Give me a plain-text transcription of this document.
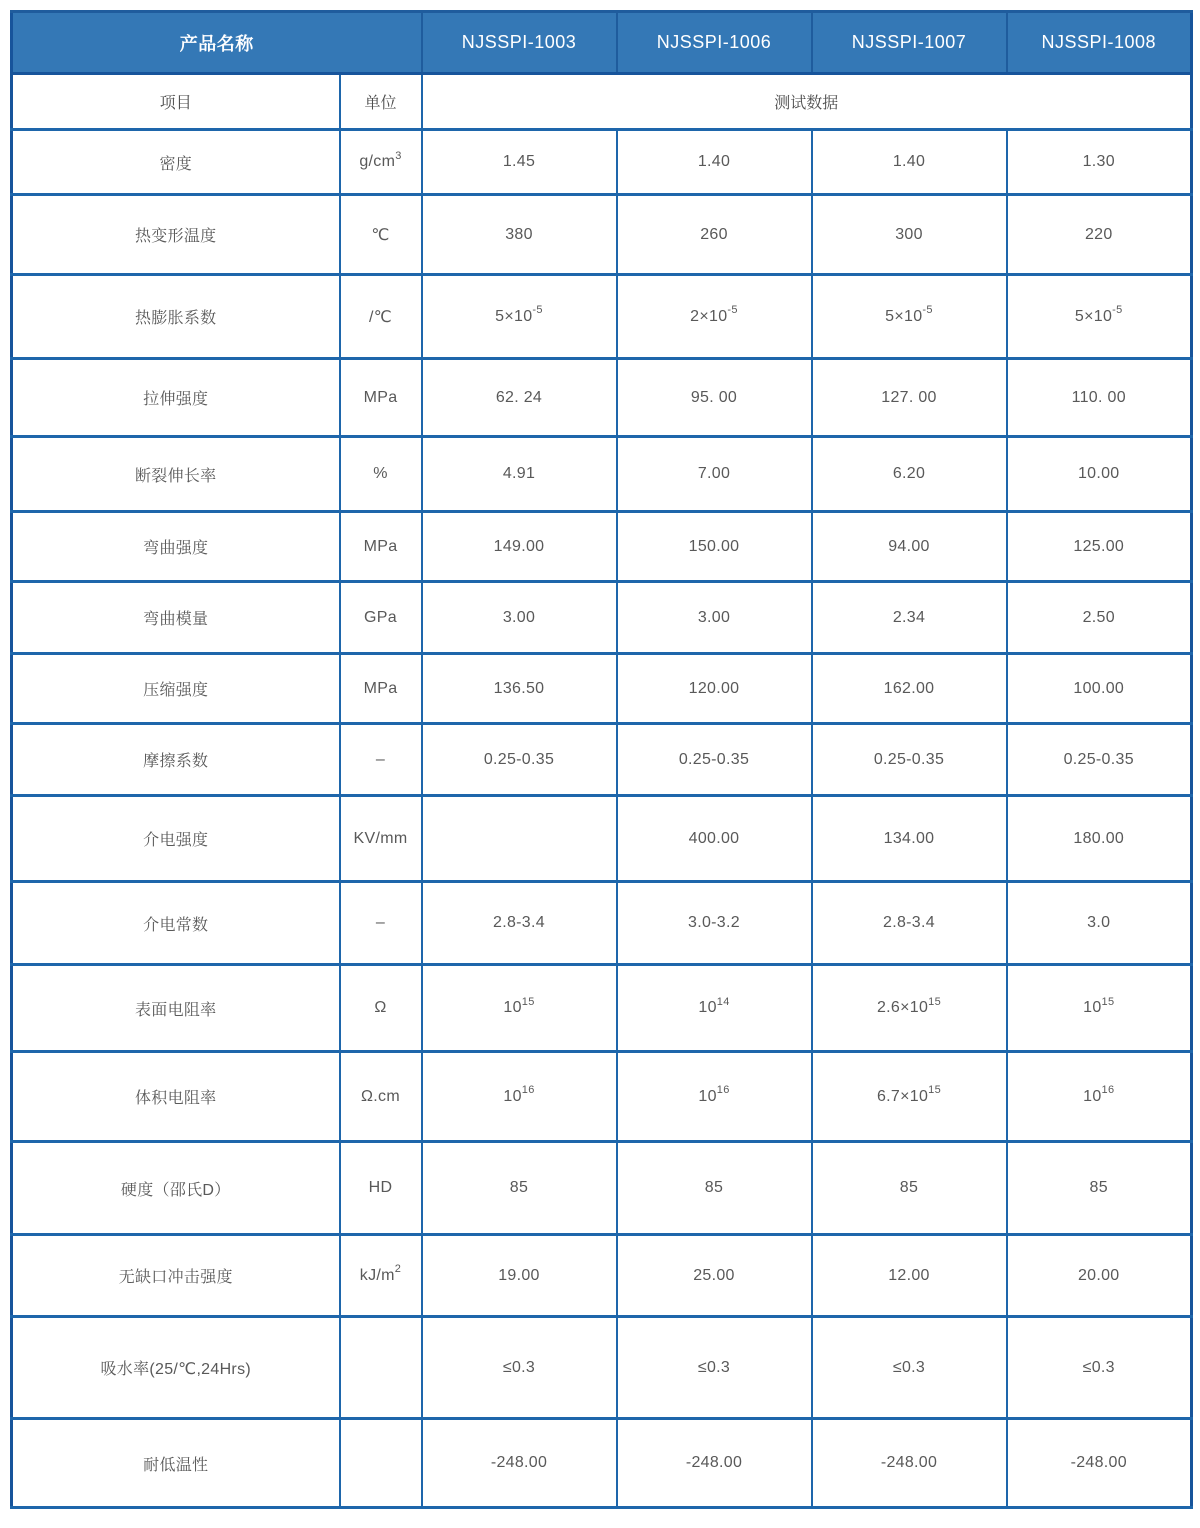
产品名称		NJSSPI-1003	NJSSPI-1006	NJSSPI-1007	NJSSPI-1008
项目	单位	测试数据			
密度	$g/cm^3$	1.45	1.40	1.40	1.30
热变形温度	℃	380	260	300	220
热膨胀系数	/℃	$5\times 10^{-5}$	$2\times 10^{-5}$	$5\times 10^{-5}$	$5\times 10^{-5}$
拉伸强度	MPa	62. 24	95. 00	127. 00	110. 00
断裂伸长率	%	4.91	7.00	6.20	10.00
弯曲强度	MPa	149.00	150.00	94.00	125.00
弯曲模量	GPa	3.00	3.00	2.34	2.50
压缩强度	MPa	136.50	120.00	162.00	100.00
摩擦系数	–	0.25-0.35	0.25-0.35	0.25-0.35	0.25-0.35
介电强度	KV/mm		400.00	134.00	180.00
介电常数	–	2.8-3.4	3.0-3.2	2.8-3.4	3.0
表面电阻率	Ω	$10^{15}$	$10^{14}$	$2.6\times 10^{15}$	$10^{15}$
体积电阻率	Ω.cm	$10^{16}$	$10^{16}$	$6.7\times 10^{15}$	$10^{16}$
硬度（邵氏D）	HD	85	85	85	85
无缺口冲击强度	$kJ/m^2$	19.00	25.00	12.00	20.00
吸水率(25/℃,24Hrs)		≤0.3	≤0.3	≤0.3	≤0.3
耐低温性		-248.00	-248.00	-248.00	-248.00
